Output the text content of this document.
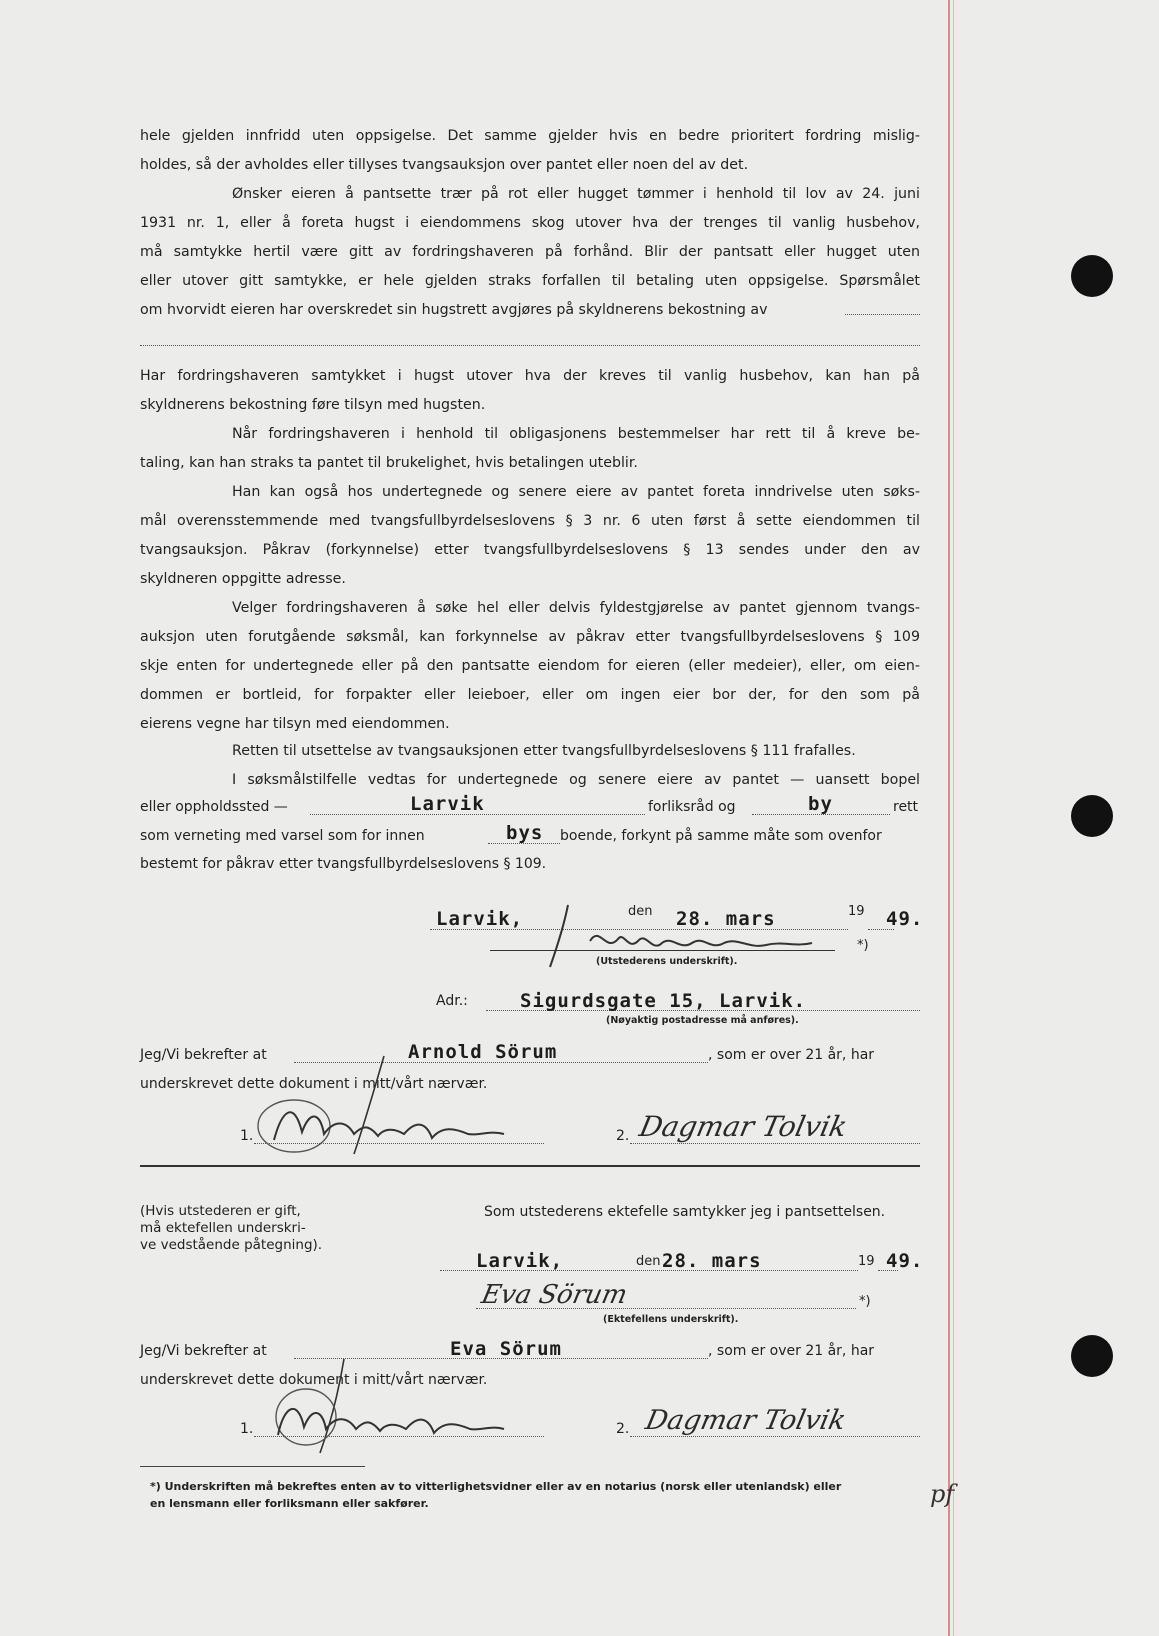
hele gjelden innfridd uten oppsigelse. Det samme gjelder hvis en bedre prioritert fordring mislig-
holdes, så der avholdes eller tillyses tvangsauksjon over pantet eller noen del av det.
Ønsker eieren å pantsette trær på rot eller hugget tømmer i henhold til lov av 24. juni
1931 nr. 1, eller å foreta hugst i eiendommens skog utover hva der trenges til vanlig husbehov,
må samtykke hertil være gitt av fordringshaveren på forhånd. Blir der pantsatt eller hugget uten
eller utover gitt samtykke, er hele gjelden straks forfallen til betaling uten oppsigelse. Spørsmålet
om hvorvidt eieren har overskredet sin hugstrett avgjøres på skyldnerens bekostning av
Har fordringshaveren samtykket i hugst utover hva der kreves til vanlig husbehov, kan han på
skyldnerens bekostning føre tilsyn med hugsten.
Når fordringshaveren i henhold til obligasjonens bestemmelser har rett til å kreve be-
taling, kan han straks ta pantet til brukelighet, hvis betalingen uteblir.
Han kan også hos undertegnede og senere eiere av pantet foreta inndrivelse uten søks-
mål overensstemmende med tvangsfullbyrdelseslovens § 3 nr. 6 uten først å sette eiendommen til
tvangsauksjon. Påkrav (forkynnelse) etter tvangsfullbyrdelseslovens § 13 sendes under den av
skyldneren oppgitte adresse.
Velger fordringshaveren å søke hel eller delvis fyldestgjørelse av pantet gjennom tvangs-
auksjon uten forutgående søksmål, kan forkynnelse av påkrav etter tvangsfullbyrdelseslovens § 109
skje enten for undertegnede eller på den pantsatte eiendom for eieren (eller medeier), eller, om eien-
dommen er bortleid, for forpakter eller leieboer, eller om ingen eier bor der, for den som på
eierens vegne har tilsyn med eiendommen.
Retten til utsettelse av tvangsauksjonen etter tvangsfullbyrdelseslovens § 111 frafalles.
I søksmålstilfelle vedtas for undertegnede og senere eiere av pantet — uansett bopel
eller oppholdssted —	Larvik	forliksråd og	by	rett
som verneting med varsel som for innen	bys boende, forkynt på samme måte som ovenfor
bestemt for påkrav etter tvangsfullbyrdelseslovens § 109.
Larvik,	den 28. mars	19 49.
*)
(Utstederens underskrift).
Adr.:	Sigurdsgate 15, Larvik.
(Nøyaktig postadresse må anføres).
Jeg/Vi bekrefter at	Arnold Sörum	, som er over 21 år, har
underskrevet dette dokument i mitt/vårt nærvær.
1.	2. Dagmar Tolvik
(Hvis utstederen er gift,
må ektefellen underskri-
ve vedstående påtegning).
Som utstederens ektefelle samtykker jeg i pantsettelsen.
Larvik,	den 28. mars	19 49.
Eva Sörum	*)
(Ektefellens underskrift).
Jeg/Vi bekrefter at	Eva Sörum	, som er over 21 år, har
underskrevet dette dokument i mitt/vårt nærvær.
1.	2. Dagmar Tolvik
*) Underskriften må bekreftes enten av to vitterlighetsvidner eller av en notarius (norsk eller utenlandsk) eller
en lensmann eller forliksmann eller sakfører.	pf
